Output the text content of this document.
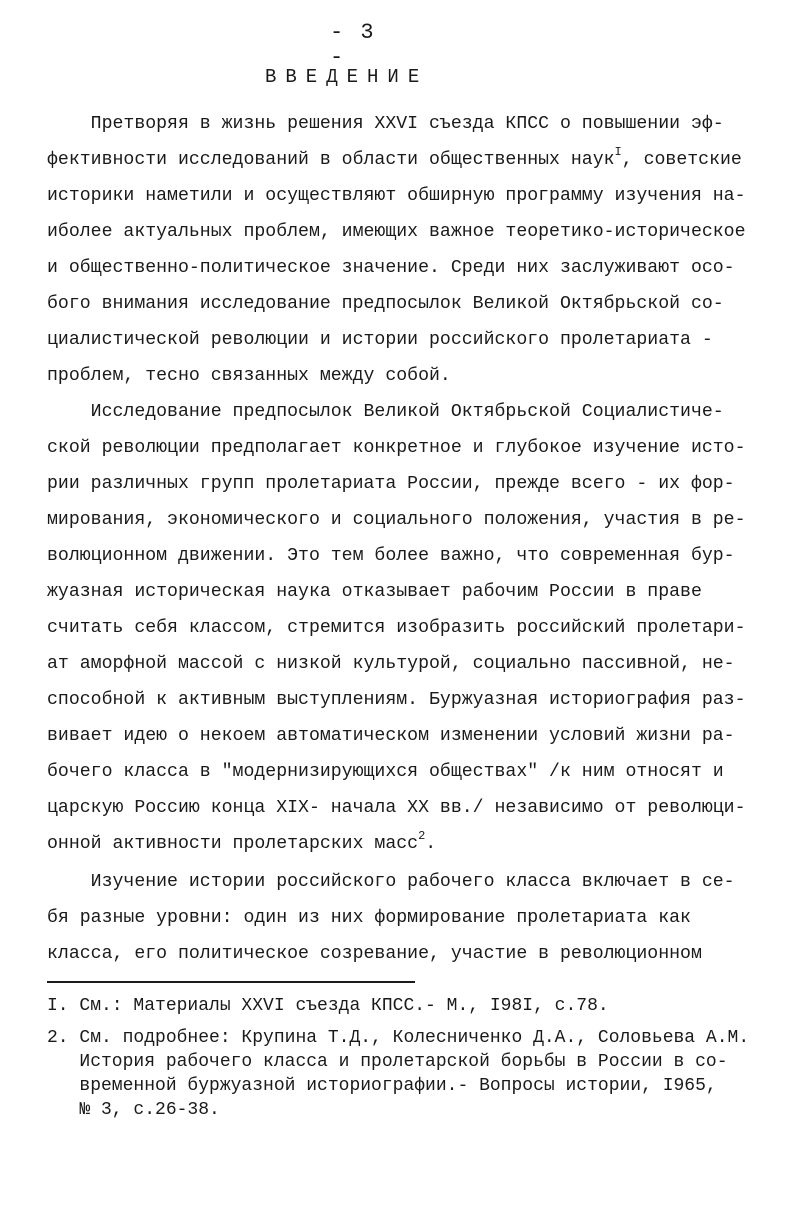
- 3 -
ВВЕДЕНИЕ
Претворяя в жизнь решения XXVI съезда КПСС о повышении эф-
фективности исследований в области общественных наук$^I$, советские
историки наметили и осуществляют обширную программу изучения на-
иболее актуальных проблем, имеющих важное теоретико-историческое
и общественно-политическое значение. Среди них заслуживают осо-
бого внимания исследование предпосылок Великой Октябрьской со-
циалистической революции и истории российского пролетариата -
проблем, тесно связанных между собой.
Исследование предпосылок Великой Октябрьской Социалистиче-
ской революции предполагает конкретное и глубокое изучение исто-
рии различных групп пролетариата России, прежде всего - их фор-
мирования, экономического и социального положения, участия в ре-
волюционном движении. Это тем более важно, что современная бур-
жуазная историческая наука отказывает рабочим России в праве
считать себя классом, стремится изобразить российский пролетари-
ат аморфной массой с низкой культурой, социально пассивной, не-
способной к активным выступлениям. Буржуазная историография раз-
вивает идею о некоем автоматическом изменении условий жизни ра-
бочего класса в "модернизирующихся обществах" /к ним относят и
царскую Россию конца XIX- начала XX вв./ независимо от революци-
онной активности пролетарских масс$^2$.
Изучение истории российского рабочего класса включает в се-
бя разные уровни: один из них формирование пролетариата как
класса, его политическое созревание, участие в революционном
I. См.: Материалы XXVI съезда КПСС.- М., I98I, с.78.
2. См. подробнее: Крупина Т.Д., Колесниченко Д.А., Соловьева А.М.
История рабочего класса и пролетарской борьбы в России в со-
временной буржуазной историографии.- Вопросы истории, I965,
№ 3, с.26-38.
